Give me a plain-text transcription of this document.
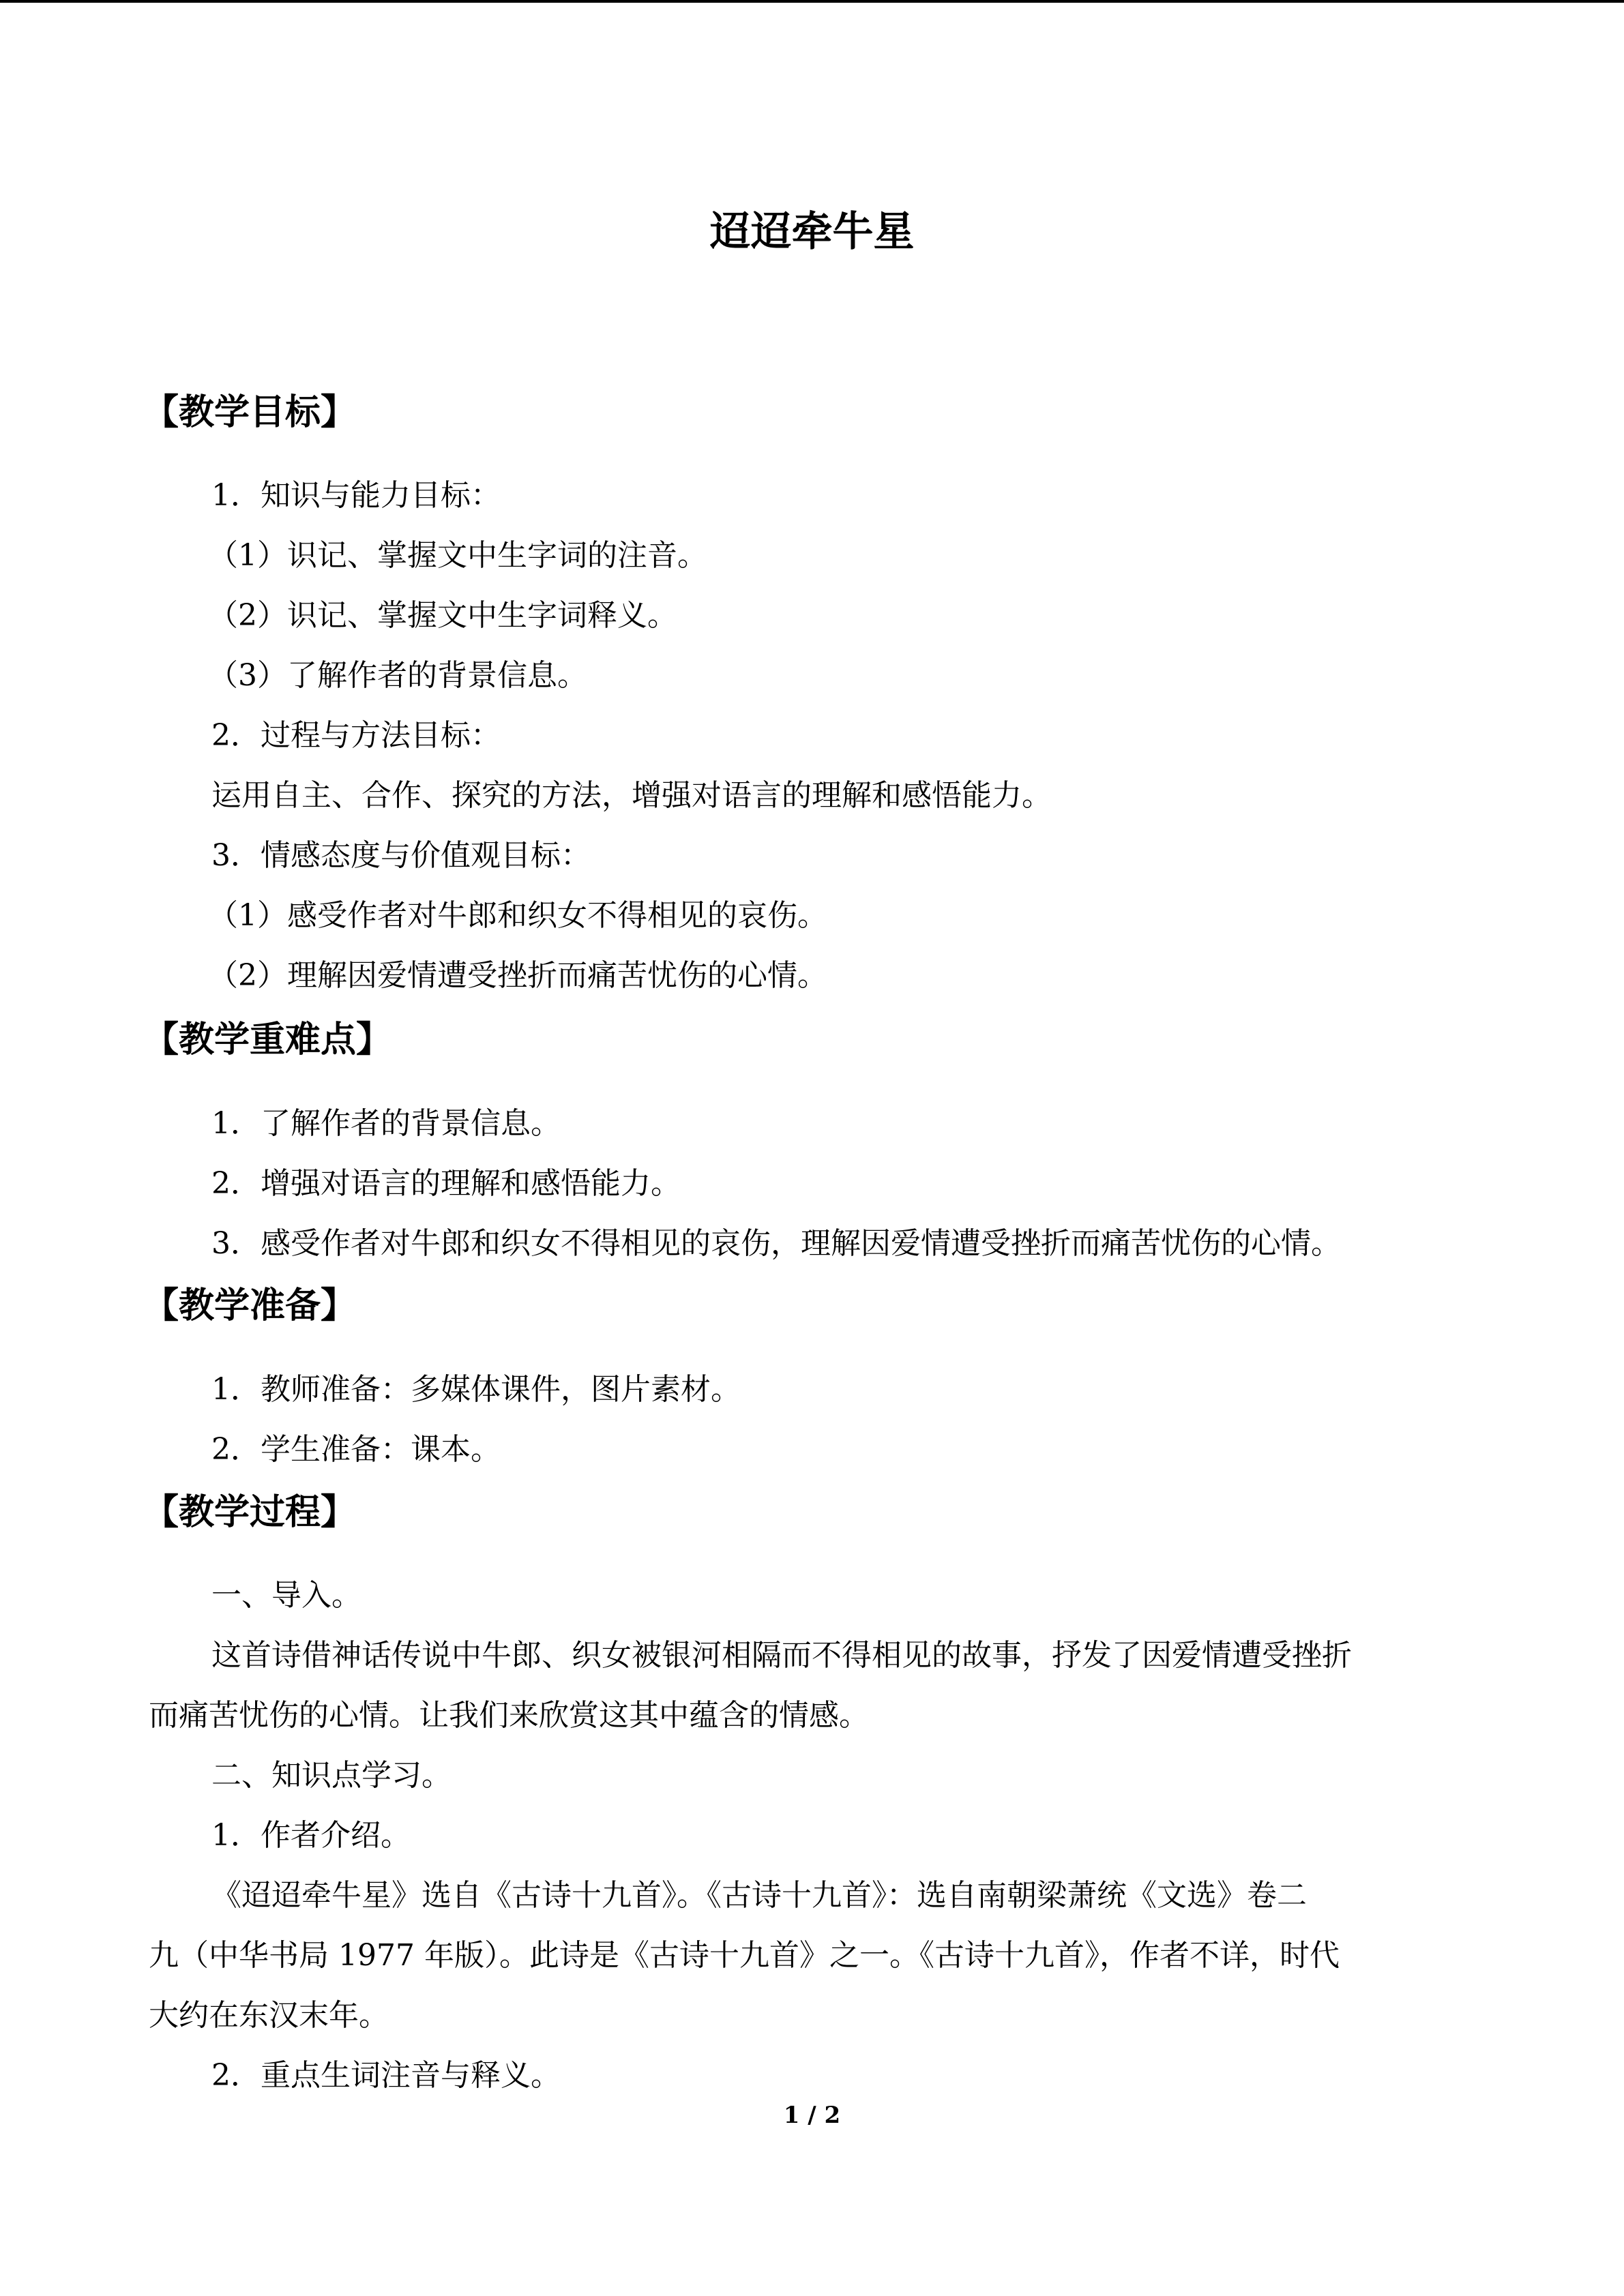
迢迢牵牛星
【教学目标】
1．知识与能力目标：
（1）识记、掌握文中生字词的注音。
（2）识记、掌握文中生字词释义。
（3）了解作者的背景信息。
2．过程与方法目标：
运用自主、合作、探究的方法，增强对语言的理解和感悟能力。
3．情感态度与价值观目标：
（1）感受作者对牛郎和织女不得相见的哀伤。
（2）理解因爱情遭受挫折而痛苦忧伤的心情。
【教学重难点】
1．了解作者的背景信息。
2．增强对语言的理解和感悟能力。
3．感受作者对牛郎和织女不得相见的哀伤，理解因爱情遭受挫折而痛苦忧伤的心情。
【教学准备】
1．教师准备：多媒体课件，图片素材。
2．学生准备：课本。
【教学过程】
一、导入。
这首诗借神话传说中牛郎、织女被银河相隔而不得相见的故事，抒发了因爱情遭受挫折
而痛苦忧伤的心情。让我们来欣赏这其中蕴含的情感。
二、知识点学习。
1．作者介绍。
《迢迢牵牛星》选自《古诗十九首》。《古诗十九首》：选自南朝梁萧统《文选》卷二
九（中华书局 1977 年版）。此诗是《古诗十九首》之一。《古诗十九首》，作者不详，时代
大约在东汉末年。
2．重点生词注音与释义。
1 / 2
